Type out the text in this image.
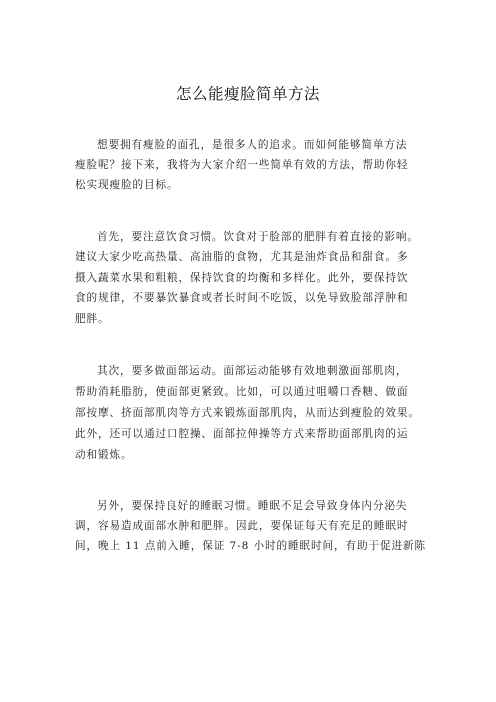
怎么能瘦脸简单方法
想要拥有瘦脸的面孔，是很多人的追求。而如何能够简单方法
瘦脸呢？接下来，我将为大家介绍一些简单有效的方法，帮助你轻
松实现瘦脸的目标。
首先，要注意饮食习惯。饮食对于脸部的肥胖有着直接的影响。
建议大家少吃高热量、高油脂的食物，尤其是油炸食品和甜食。多
摄入蔬菜水果和粗粮，保持饮食的均衡和多样化。此外，要保持饮
食的规律，不要暴饮暴食或者长时间不吃饭，以免导致脸部浮肿和
肥胖。
其次，要多做面部运动。面部运动能够有效地刺激面部肌肉，
帮助消耗脂肪，使面部更紧致。比如，可以通过咀嚼口香糖、做面
部按摩、挤面部肌肉等方式来锻炼面部肌肉，从而达到瘦脸的效果。
此外，还可以通过口腔操、面部拉伸操等方式来帮助面部肌肉的运
动和锻炼。
另外，要保持良好的睡眠习惯。睡眠不足会导致身体内分泌失
调，容易造成面部水肿和肥胖。因此，要保证每天有充足的睡眠时
间，晚上 11 点前入睡，保证 7-8 小时的睡眠时间，有助于促进新陈
